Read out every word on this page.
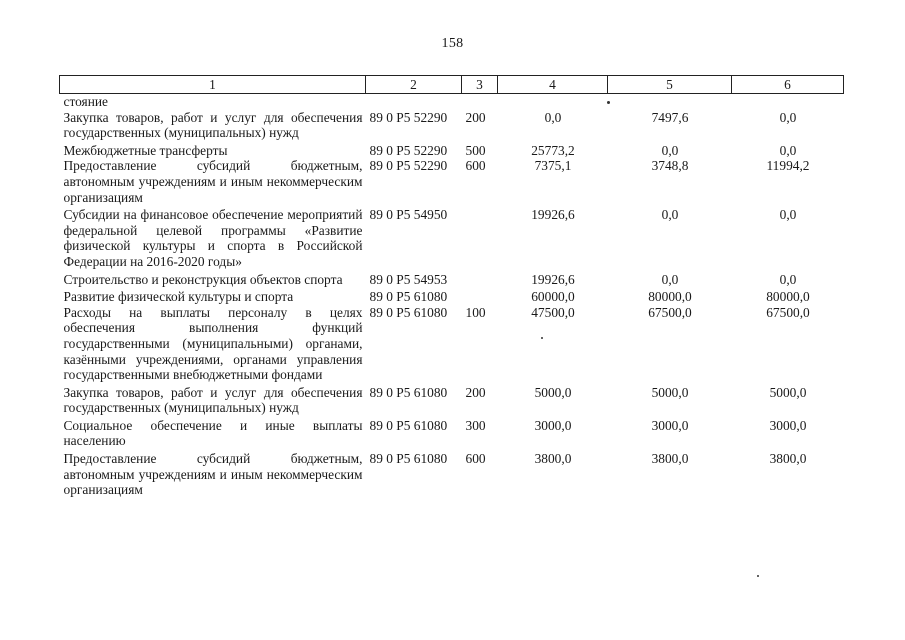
158
1	2	3	4	5	6
стояние					
Закупка товаров, работ и услуг для обеспечения государственных (муниципальных) нужд	89 0 P5 52290	200	0,0	7497,6	0,0
Межбюджетные трансферты	89 0 P5 52290	500	25773,2	0,0	0,0
Предоставление субсидий бюджетным, автономным учреждениям и иным некоммерческим организациям	89 0 P5 52290	600	7375,1	3748,8	11994,2
Субсидии на финансовое обеспечение мероприятий федеральной целевой программы «Развитие физической культуры и спорта в Российской Федерации на 2016-2020 годы»	89 0 P5 54950		19926,6	0,0	0,0
Строительство и реконструкция объектов спорта	89 0 P5 54953		19926,6	0,0	0,0
Развитие физической культуры и спорта	89 0 P5 61080		60000,0	80000,0	80000,0
Расходы на выплаты персоналу в целях обеспечения выполнения функций государственными (муниципальными) органами, казёнными учреждениями, органами управления государственными внебюджетными фондами	89 0 P5 61080	100	47500,0	67500,0	67500,0
Закупка товаров, работ и услуг для обеспечения государственных (муниципальных) нужд	89 0 P5 61080	200	5000,0	5000,0	5000,0
Социальное обеспечение и иные выплаты населению	89 0 P5 61080	300	3000,0	3000,0	3000,0
Предоставление субсидий бюджетным, автономным учреждениям и иным некоммерческим организациям	89 0 P5 61080	600	3800,0	3800,0	3800,0
